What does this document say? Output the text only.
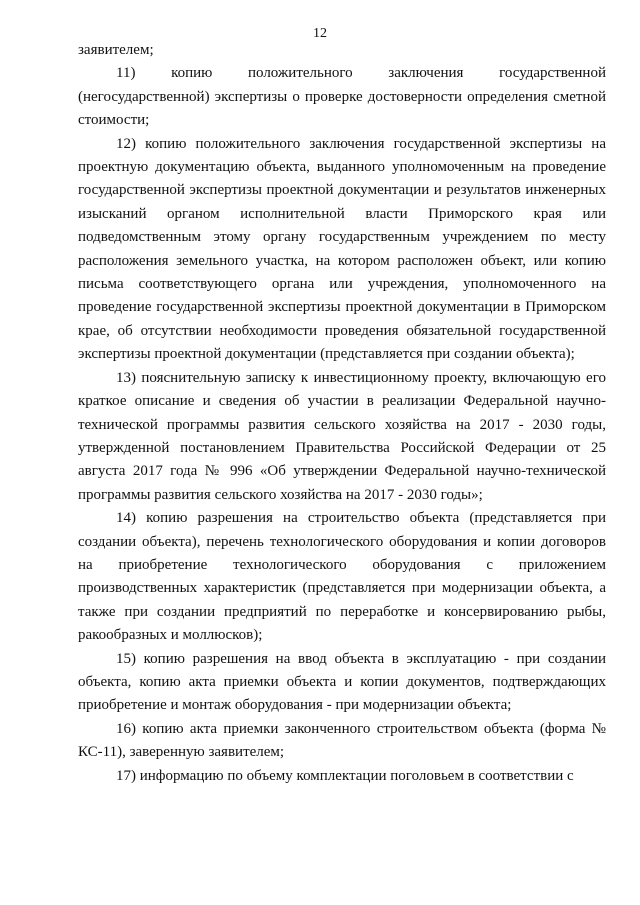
12

заявителем;

11) копию положительного заключения государственной (негосударственной) экспертизы о проверке достоверности определения сметной стоимости;

12) копию положительного заключения государственной экспертизы на проектную документацию объекта, выданного уполномоченным на проведение государственной экспертизы проектной документации и результатов инженерных изысканий органом исполнительной власти Приморского края или подведомственным этому органу государственным учреждением по месту расположения земельного участка, на котором расположен объект, или копию письма соответствующего органа или учреждения, уполномоченного на проведение государственной экспертизы проектной документации в Приморском крае, об отсутствии необходимости проведения обязательной государственной экспертизы проектной документации (представляется при создании объекта);

13) пояснительную записку к инвестиционному проекту, включающую его краткое описание и сведения об участии в реализации Федеральной научно-технической программы развития сельского хозяйства на 2017 - 2030 годы, утвержденной постановлением Правительства Российской Федерации от 25 августа 2017 года № 996 «Об утверждении Федеральной научно-технической программы развития сельского хозяйства на 2017 - 2030 годы»;

14) копию разрешения на строительство объекта (представляется при создании объекта), перечень технологического оборудования и копии договоров на приобретение технологического оборудования с приложением производственных характеристик (представляется при модернизации объекта, а также при создании предприятий по переработке и консервированию рыбы, ракообразных и моллюсков);

15) копию разрешения на ввод объекта в эксплуатацию - при создании объекта, копию акта приемки объекта и копии документов, подтверждающих приобретение и монтаж оборудования - при модернизации объекта;

16) копию акта приемки законченного строительством объекта (форма № КС-11), заверенную заявителем;

17) информацию по объему комплектации поголовьем в соответствии с
